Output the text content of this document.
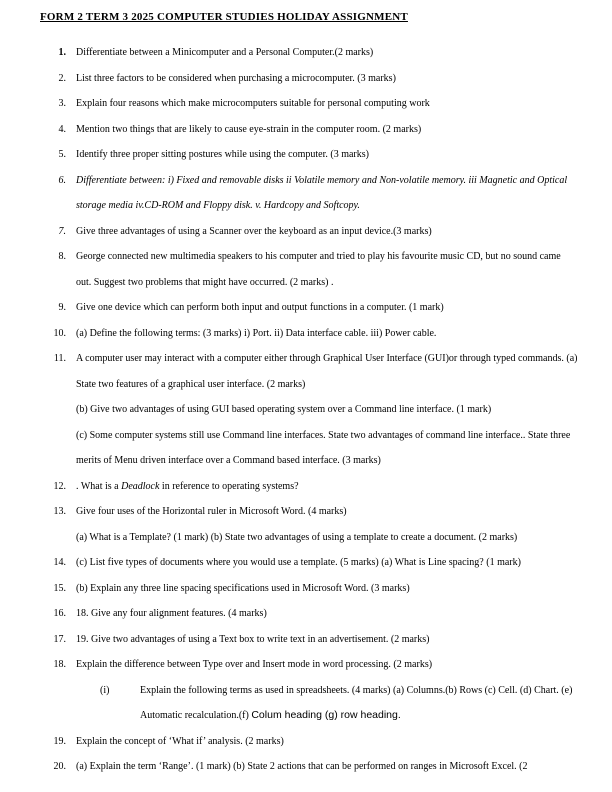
FORM 2 TERM 3 2025 COMPUTER STUDIES HOLIDAY ASSIGNMENT
1. Differentiate between a Minicomputer and a Personal Computer.(2 marks)
2. List three factors to be considered when purchasing a microcomputer. (3 marks)
3. Explain four reasons which make microcomputers suitable for personal computing work
4. Mention two things that are likely to cause eye-strain in the computer room. (2 marks)
5. Identify three proper sitting postures while using the computer. (3 marks)
6. Differentiate between: i) Fixed and removable disks ii Volatile memory and Non-volatile memory. iii Magnetic and Optical storage media iv.CD-ROM and Floppy disk. v. Hardcopy and Softcopy.
7. Give three advantages of using a Scanner over the keyboard as an input device.(3 marks)
8. George connected new multimedia speakers to his computer and tried to play his favourite music CD, but no sound came out. Suggest two problems that might have occurred. (2 marks) .
9. Give one device which can perform both input and output functions in a computer. (1 mark)
10. (a) Define the following terms: (3 marks) i) Port. ii) Data interface cable. iii) Power cable.
11. A computer user may interact with a computer either through Graphical User Interface (GUI)or through typed commands. (a) State two features of a graphical user interface. (2 marks)
(b) Give two advantages of using GUI based operating system over a Command line interface. (1 mark)
(c) Some computer systems still use Command line interfaces. State two advantages of command line interface.. State three merits of Menu driven interface over a Command based interface. (3 marks)
12. . What is a Deadlock in reference to operating systems?
13. Give four uses of the Horizontal ruler in Microsoft Word. (4 marks)
(a) What is a Template? (1 mark) (b) State two advantages of using a template to create a document. (2 marks)
14. (c) List five types of documents where you would use a template. (5 marks) (a) What is Line spacing? (1 mark)
15. (b) Explain any three line spacing specifications used in Microsoft Word. (3 marks)
16. 18. Give any four alignment features. (4 marks)
17. 19. Give two advantages of using a Text box to write text in an advertisement. (2 marks)
18. Explain the difference between Type over and Insert mode in word processing. (2 marks)
(i)	Explain the following terms as used in spreadsheets. (4 marks) (a) Columns.(b) Rows (c) Cell. (d) Chart. (e) Automatic recalculation.(f) Colum heading (g) row heading.
19. Explain the concept of ‘What if’ analysis. (2 marks)
20. (a) Explain the term ‘Range’. (1 mark) (b) State 2 actions that can be performed on ranges in Microsoft Excel. (2
